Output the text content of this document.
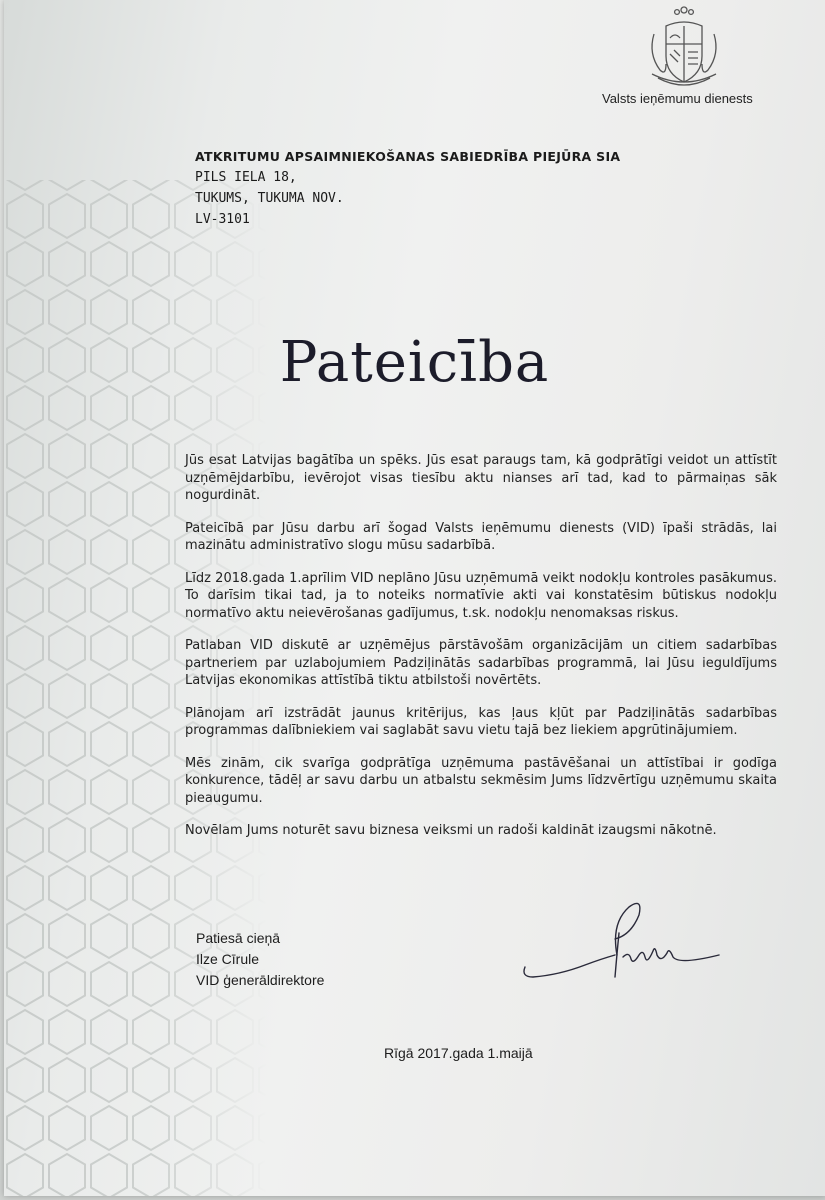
Valsts ieņēmumu dienests
ATKRITUMU APSAIMNIEKOŠANAS SABIEDRĪBA PIEJŪRA SIA
PILS IELA 18,
TUKUMS, TUKUMA NOV.
LV-3101
Pateicība

Jūs esat Latvijas bagātība un spēks. Jūs esat paraugs tam, kā godprātīgi veidot un attīstīt uzņēmējdarbību, ievērojot visas tiesību aktu nianses arī tad, kad to pārmaiņas sāk nogurdināt.

Pateicībā par Jūsu darbu arī šogad Valsts ieņēmumu dienests (VID) īpaši strādās, lai mazinātu administratīvo slogu mūsu sadarbībā.

Līdz 2018.gada 1.aprīlim VID neplāno Jūsu uzņēmumā veikt nodokļu kontroles pasākumus. To darīsim tikai tad, ja to noteiks normatīvie akti vai konstatēsim būtiskus nodokļu normatīvo aktu neievērošanas gadījumus, t.sk. nodokļu nenomaksas riskus.

Patlaban VID diskutē ar uzņēmējus pārstāvošām organizācijām un citiem sadarbības partneriem par uzlabojumiem Padziļinātās sadarbības programmā, lai Jūsu ieguldījums Latvijas ekonomikas attīstībā tiktu atbilstoši novērtēts.

Plānojam arī izstrādāt jaunus kritērijus, kas ļaus kļūt par Padziļinātās sadarbības programmas dalībniekiem vai saglabāt savu vietu tajā bez liekiem apgrūtinājumiem.

Mēs zinām, cik svarīga godprātīga uzņēmuma pastāvēšanai un attīstībai ir godīga konkurence, tādēļ ar savu darbu un atbalstu sekmēsim Jums līdzvērtīgu uzņēmumu skaita pieaugumu.

Novēlam Jums noturēt savu biznesa veiksmi un radoši kaldināt izaugsmi nākotnē.

Patiesā cieņā
Ilze Cīrule
VID ģenerāldirektore
Rīgā 2017.gada 1.maijā
